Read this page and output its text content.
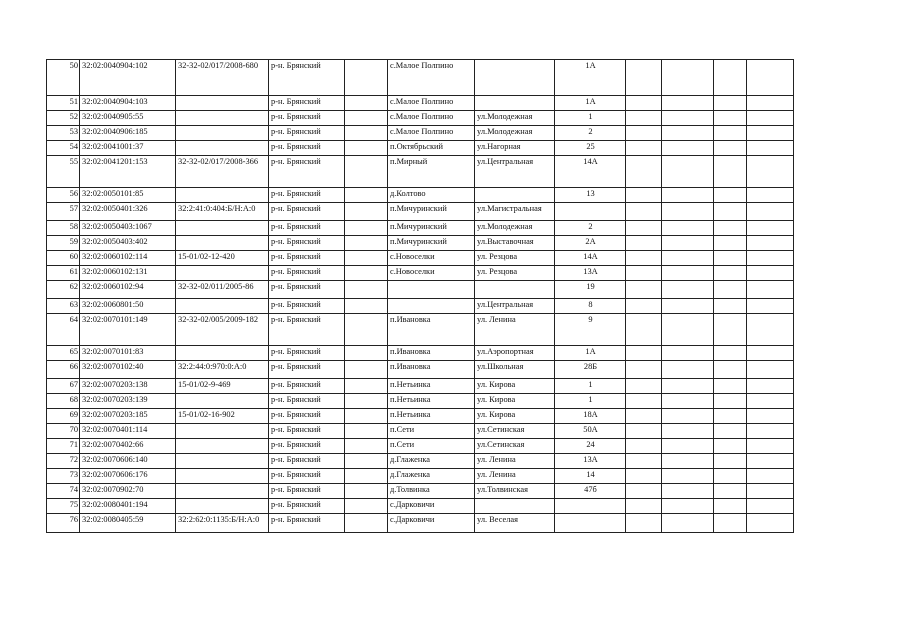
50	32:02:0040904:102	32-32-02/017/2008-680	р-н. Брянский		с.Малое Полпино		1А				
51	32:02:0040904:103		р-н. Брянский		с.Малое Полпино		1А				
52	32:02:0040905:55		р-н. Брянский		с.Малое Полпино	ул.Молодежная	1				
53	32:02:0040906:185		р-н. Брянский		с.Малое Полпино	ул.Молодежная	2				
54	32:02:0041001:37		р-н. Брянский		п.Октябрьский	ул.Нагорная	25				
55	32:02:0041201:153	32-32-02/017/2008-366	р-н. Брянский		п.Мирный	ул.Центральная	14А				
56	32:02:0050101:85		р-н. Брянский		д.Колтово		13				
57	32:02:0050401:326	32:2:41:0:404:Б/Н:А:0	р-н. Брянский		п.Мичуринский	ул.Магистральная					
58	32:02:0050403:1067		р-н. Брянский		п.Мичуринский	ул.Молодежная	2				
59	32:02:0050403:402		р-н. Брянский		п.Мичуринский	ул.Выставочная	2А				
60	32:02:0060102:114	15-01/02-12-420	р-н. Брянский		с.Новоселки	ул. Резцова	14А				
61	32:02:0060102:131		р-н. Брянский		с.Новоселки	ул. Резцова	13А				
62	32:02:0060102:94	32-32-02/011/2005-86	р-н. Брянский				19				
63	32:02:0060801:50		р-н. Брянский			ул.Центральная	8				
64	32:02:0070101:149	32-32-02/005/2009-182	р-н. Брянский		п.Ивановка	ул. Ленина	9				
65	32:02:0070101:83		р-н. Брянский		п.Ивановка	ул.Аэропортная	1А				
66	32:02:0070102:40	32:2:44:0:970:0:А:0	р-н. Брянский		п.Ивановка	ул.Школьная	28Б				
67	32:02:0070203:138	15-01/02-9-469	р-н. Брянский		п.Нетьинка	ул. Кирова	1				
68	32:02:0070203:139		р-н. Брянский		п.Нетьинка	ул. Кирова	1				
69	32:02:0070203:185	15-01/02-16-902	р-н. Брянский		п.Нетьинка	ул. Кирова	18А				
70	32:02:0070401:114		р-н. Брянский		п.Сети	ул.Сетинская	50А				
71	32:02:0070402:66		р-н. Брянский		п.Сети	ул.Сетинская	24				
72	32:02:0070606:140		р-н. Брянский		д.Глаженка	ул. Ленина	13А				
73	32:02:0070606:176		р-н. Брянский		д.Глаженка	ул. Ленина	14				
74	32:02:0070902:70		р-н. Брянский		д.Толвинка	ул.Толвинская	47б				
75	32:02:0080401:194		р-н. Брянский		с.Дарковичи						
76	32:02:0080405:59	32:2:62:0:1135:Б/Н:А:0	р-н. Брянский		с.Дарковичи	ул. Веселая					
